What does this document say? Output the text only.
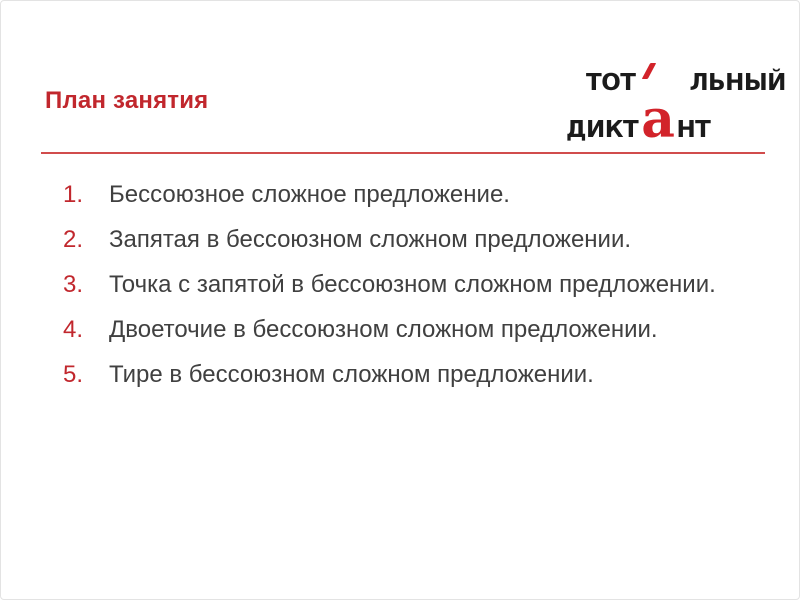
План занятия
ТОТ ЛЬНЫЙ
ДИКТ а НТ
1.	Бессоюзное сложное предложение.
2.	Запятая в бессоюзном сложном предложении.
3.	Точка с запятой в бессоюзном сложном предложении.
4.	Двоеточие в бессоюзном сложном предложении.
5.	Тире в бессоюзном сложном предложении.
